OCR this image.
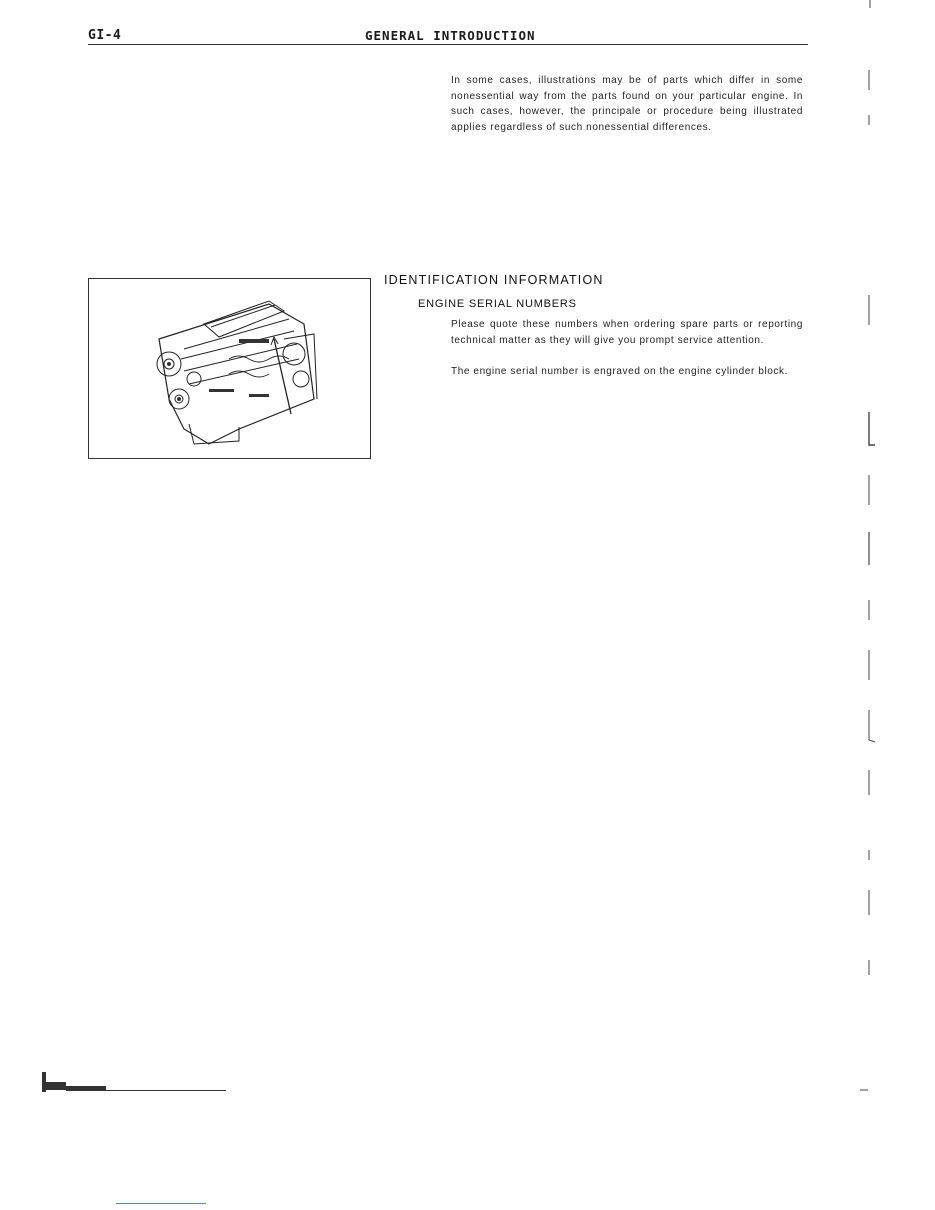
GI-4	GENERAL INTRODUCTION

In some cases, illustrations may be of parts which differ in some nonessential way from the parts found on your particular engine. In such cases, however, the principale or procedure being illustrated applies regardless of such nonessential differences.

IDENTIFICATION INFORMATION
ENGINE SERIAL NUMBERS

Please quote these numbers when ordering spare parts or reporting technical matter as they will give you prompt service attention.

The engine serial number is engraved on the engine cylinder block.
